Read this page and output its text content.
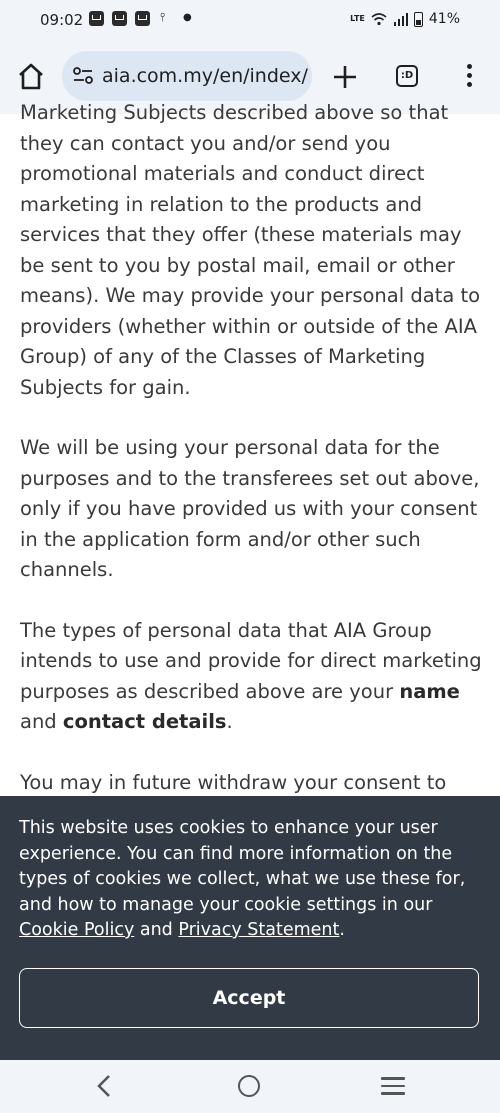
09:02	⫯ ●	LTE	41%
aia.com.my/en/index/	:D

Marketing Subjects described above so that they can contact you and/or send you promotional materials and conduct direct marketing in relation to the products and services that they offer (these materials may be sent to you by postal mail, email or other means). We may provide your personal data to providers (whether within or outside of the AIA Group) of any of the Classes of Marketing Subjects for gain.

We will be using your personal data for the purposes and to the transferees set out above, only if you have provided us with your consent in the application form and/or other such channels.

The types of personal data that AIA Group intends to use and provide for direct marketing purposes as described above are your name and contact details.

You may in future withdraw your consent to

This website uses cookies to enhance your user experience. You can find more information on the types of cookies we collect, what we use these for, and how to manage your cookie settings in our Cookie Policy and Privacy Statement.

Accept
